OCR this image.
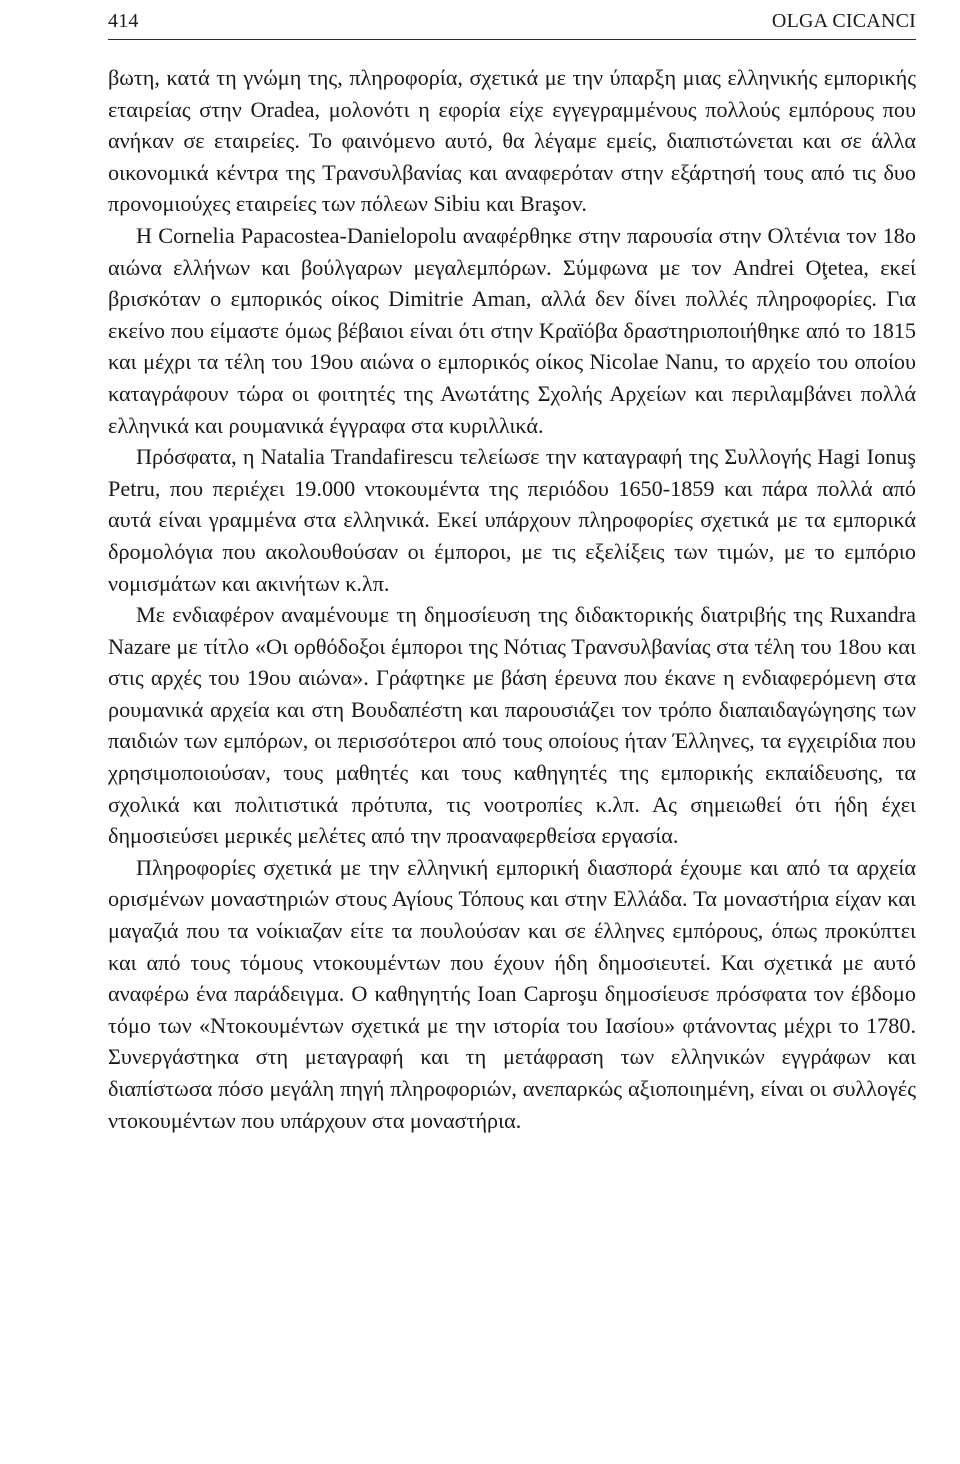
414	OLGA CICANCI

βωτη, κατά τη γνώμη της, πληροφορία, σχετικά με την ύπαρξη μιας ελληνικής εμπορικής εταιρείας στην Oradea, μολονότι η εφορία είχε εγγεγραμμένους πολλούς εμπόρους που ανήκαν σε εταιρείες. Το φαινόμενο αυτό, θα λέγαμε εμείς, διαπιστώνεται και σε άλλα οικονομικά κέντρα της Τρανσυλβανίας και αναφερόταν στην εξάρτησή τους από τις δυο προνομιούχες εταιρείες των πόλεων Sibiu και Braşov.

Η Cornelia Papacostea-Danielopolu αναφέρθηκε στην παρουσία στην Ολτένια τον 18ο αιώνα ελλήνων και βούλγαρων μεγαλεμπόρων. Σύμφωνα με τον Andrei Oţetea, εκεί βρισκόταν ο εμπορικός οίκος Dimitrie Aman, αλλά δεν δίνει πολλές πληροφορίες. Για εκείνο που είμαστε όμως βέβαιοι είναι ότι στην Κραϊόβα δραστηριοποιήθηκε από το 1815 και μέχρι τα τέλη του 19ου αιώνα ο εμπορικός οίκος Nicolae Nanu, το αρχείο του οποίου καταγράφουν τώρα οι φοιτητές της Ανωτάτης Σχολής Αρχείων και περιλαμβάνει πολλά ελληνικά και ρουμανικά έγγραφα στα κυριλλικά.

Πρόσφατα, η Natalia Trandafirescu τελείωσε την καταγραφή της Συλλογής Hagi Ionuş Petru, που περιέχει 19.000 ντοκουμέντα της περιόδου 1650-1859 και πάρα πολλά από αυτά είναι γραμμένα στα ελληνικά. Εκεί υπάρχουν πληροφορίες σχετικά με τα εμπορικά δρομολόγια που ακολουθούσαν οι έμποροι, με τις εξελίξεις των τιμών, με το εμπόριο νομισμάτων και ακινήτων κ.λπ.

Με ενδιαφέρον αναμένουμε τη δημοσίευση της διδακτορικής διατριβής της Ruxandra Nazare με τίτλο «Οι ορθόδοξοι έμποροι της Νότιας Τρανσυλβανίας στα τέλη του 18ου και στις αρχές του 19ου αιώνα». Γράφτηκε με βάση έρευνα που έκανε η ενδιαφερόμενη στα ρουμανικά αρχεία και στη Βουδαπέστη και παρουσιάζει τον τρόπο διαπαιδαγώγησης των παιδιών των εμπόρων, οι περισσότεροι από τους οποίους ήταν Έλληνες, τα εγχειρίδια που χρησιμοποιούσαν, τους μαθητές και τους καθηγητές της εμπορικής εκπαίδευσης, τα σχολικά και πολιτιστικά πρότυπα, τις νοοτροπίες κ.λπ. Ας σημειωθεί ότι ήδη έχει δημοσιεύσει μερικές μελέτες από την προαναφερθείσα εργασία.

Πληροφορίες σχετικά με την ελληνική εμπορική διασπορά έχουμε και από τα αρχεία ορισμένων μοναστηριών στους Αγίους Τόπους και στην Ελλάδα. Τα μοναστήρια είχαν και μαγαζιά που τα νοίκιαζαν είτε τα πουλούσαν και σε έλληνες εμπόρους, όπως προκύπτει και από τους τόμους ντοκουμέντων που έχουν ήδη δημοσιευτεί. Και σχετικά με αυτό αναφέρω ένα παράδειγμα. Ο καθηγητής Ioan Caproşu δημοσίευσε πρόσφατα τον έβδομο τόμο των «Ντοκουμέντων σχετικά με την ιστορία του Ιασίου» φτάνοντας μέχρι το 1780. Συνεργάστηκα στη μεταγραφή και τη μετάφραση των ελληνικών εγγράφων και διαπίστωσα πόσο μεγάλη πηγή πληροφοριών, ανεπαρκώς αξιοποιημένη, είναι οι συλλογές ντοκουμέντων που υπάρχουν στα μοναστήρια.
